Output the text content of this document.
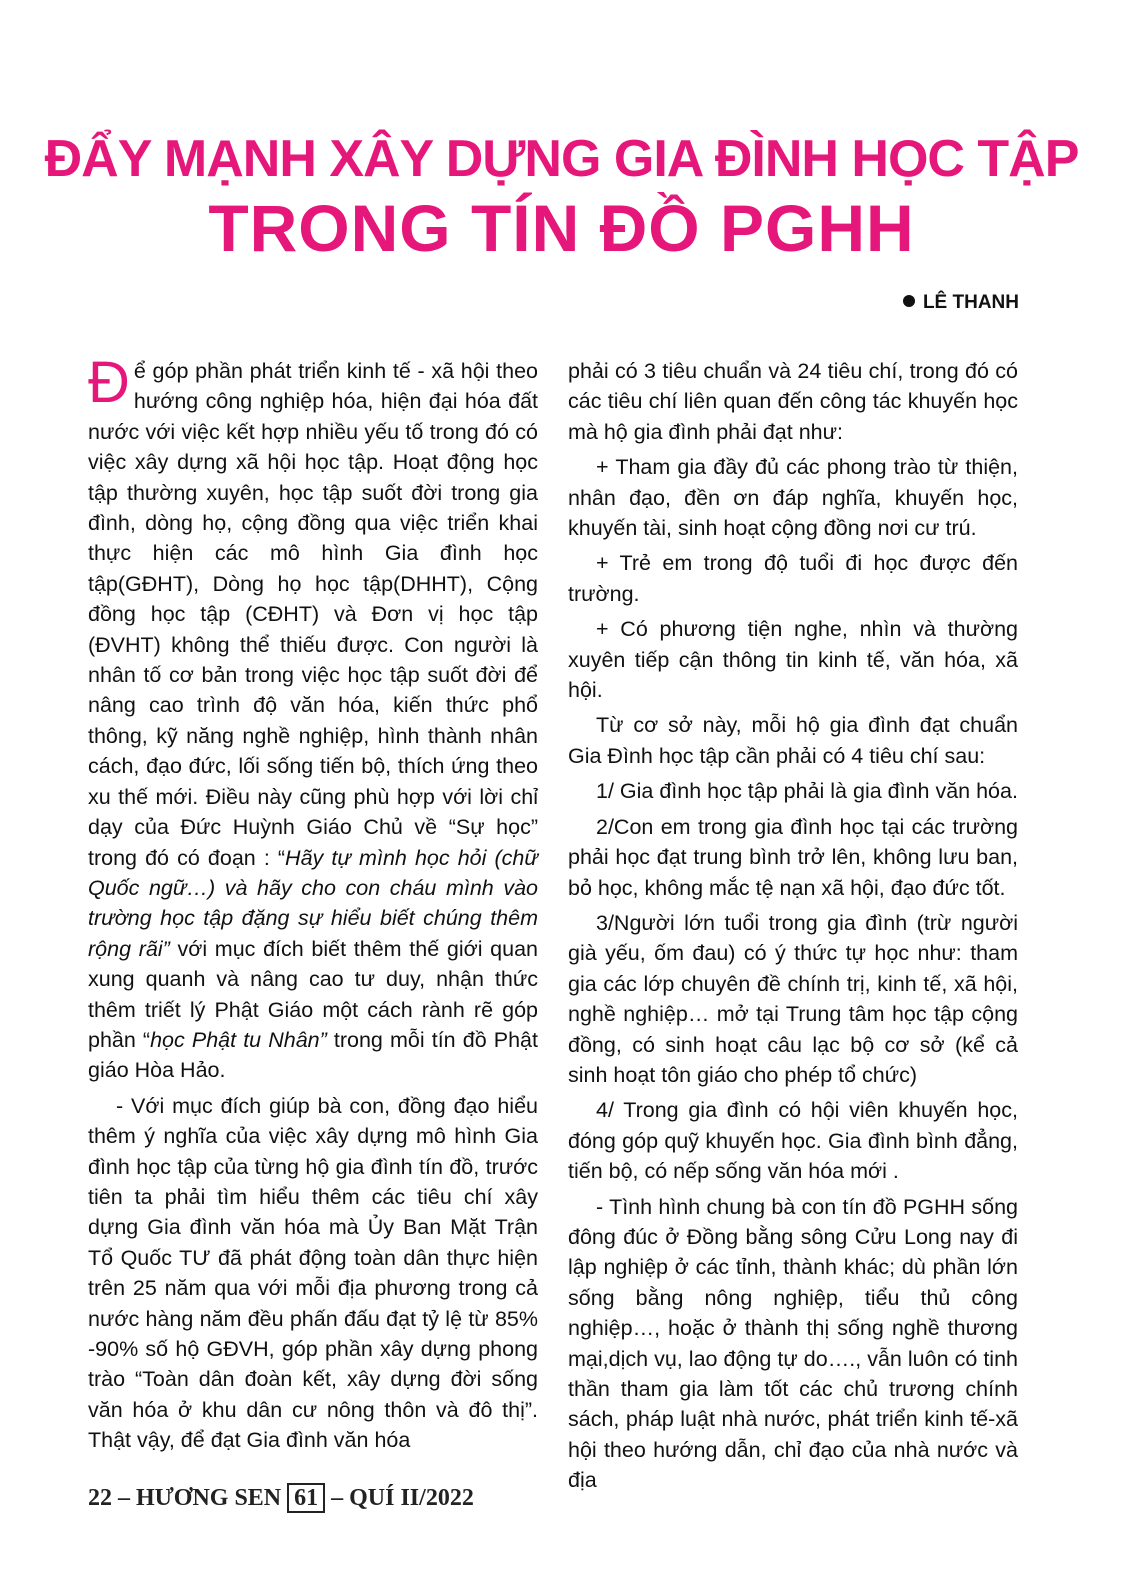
ĐẨY MẠNH XÂY DỰNG GIA ĐÌNH HỌC TẬP
TRONG TÍN ĐỒ PGHH
LÊ THANH

Để góp phần phát triển kinh tế - xã hội theo hướng công nghiệp hóa, hiện đại hóa đất nước với việc kết hợp nhiều yếu tố trong đó có việc xây dựng xã hội học tập. Hoạt động học tập thường xuyên, học tập suốt đời trong gia đình, dòng họ, cộng đồng qua việc triển khai thực hiện các mô hình Gia đình học tập(GĐHT), Dòng họ học tập(DHHT), Cộng đồng học tập (CĐHT) và Đơn vị học tập (ĐVHT) không thể thiếu được. Con người là nhân tố cơ bản trong việc học tập suốt đời để nâng cao trình độ văn hóa, kiến thức phổ thông, kỹ năng nghề nghiệp, hình thành nhân cách, đạo đức, lối sống tiến bộ, thích ứng theo xu thế mới. Điều này cũng phù hợp với lời chỉ dạy của Đức Huỳnh Giáo Chủ về “Sự học” trong đó có đoạn : “Hãy tự mình học hỏi (chữ Quốc ngữ…) và hãy cho con cháu mình vào trường học tập đặng sự hiểu biết chúng thêm rộng rãi” với mục đích biết thêm thế giới quan xung quanh và nâng cao tư duy, nhận thức thêm triết lý Phật Giáo một cách rành rẽ góp phần “học Phật tu Nhân” trong mỗi tín đồ Phật giáo Hòa Hảo.

- Với mục đích giúp bà con, đồng đạo hiểu thêm ý nghĩa của việc xây dựng mô hình Gia đình học tập của từng hộ gia đình tín đồ, trước tiên ta phải tìm hiểu thêm các tiêu chí xây dựng Gia đình văn hóa mà Ủy Ban Mặt Trận Tổ Quốc TƯ đã phát động toàn dân thực hiện trên 25 năm qua với mỗi địa phương trong cả nước hàng năm đều phấn đấu đạt tỷ lệ từ 85% -90% số hộ GĐVH, góp phần xây dựng phong trào “Toàn dân đoàn kết, xây dựng đời sống văn hóa ở khu dân cư nông thôn và đô thị”. Thật vậy, để đạt Gia đình văn hóa

phải có 3 tiêu chuẩn và 24 tiêu chí, trong đó có các tiêu chí liên quan đến công tác khuyến học mà hộ gia đình phải đạt như:

+ Tham gia đầy đủ các phong trào từ thiện, nhân đạo, đền ơn đáp nghĩa, khuyến học, khuyến tài, sinh hoạt cộng đồng nơi cư trú.

+ Trẻ em trong độ tuổi đi học được đến trường.

+ Có phương tiện nghe, nhìn và thường xuyên tiếp cận thông tin kinh tế, văn hóa, xã hội.

Từ cơ sở này, mỗi hộ gia đình đạt chuẩn Gia Đình học tập cần phải có 4 tiêu chí sau:

1/ Gia đình học tập phải là gia đình văn hóa.

2/Con em trong gia đình học tại các trường phải học đạt trung bình trở lên, không lưu ban, bỏ học, không mắc tệ nạn xã hội, đạo đức tốt.

3/Người lớn tuổi trong gia đình (trừ người già yếu, ốm đau) có ý thức tự học như: tham gia các lớp chuyên đề chính trị, kinh tế, xã hội, nghề nghiệp… mở tại Trung tâm học tập cộng đồng, có sinh hoạt câu lạc bộ cơ sở (kể cả sinh hoạt tôn giáo cho phép tổ chức)

4/ Trong gia đình có hội viên khuyến học, đóng góp quỹ khuyến học. Gia đình bình đẳng, tiến bộ, có nếp sống văn hóa mới .

- Tình hình chung bà con tín đồ PGHH sống đông đúc ở Đồng bằng sông Cửu Long nay đi lập nghiệp ở các tỉnh, thành khác; dù phần lớn sống bằng nông nghiệp, tiểu thủ công nghiệp…, hoặc ở thành thị sống nghề thương mại,dịch vụ, lao động tự do…., vẫn luôn có tinh thần tham gia làm tốt các chủ trương chính sách, pháp luật nhà nước, phát triển kinh tế-xã hội theo hướng dẫn, chỉ đạo của nhà nước và địa

22 – HƯƠNG SEN 61 – QUÍ II/2022
